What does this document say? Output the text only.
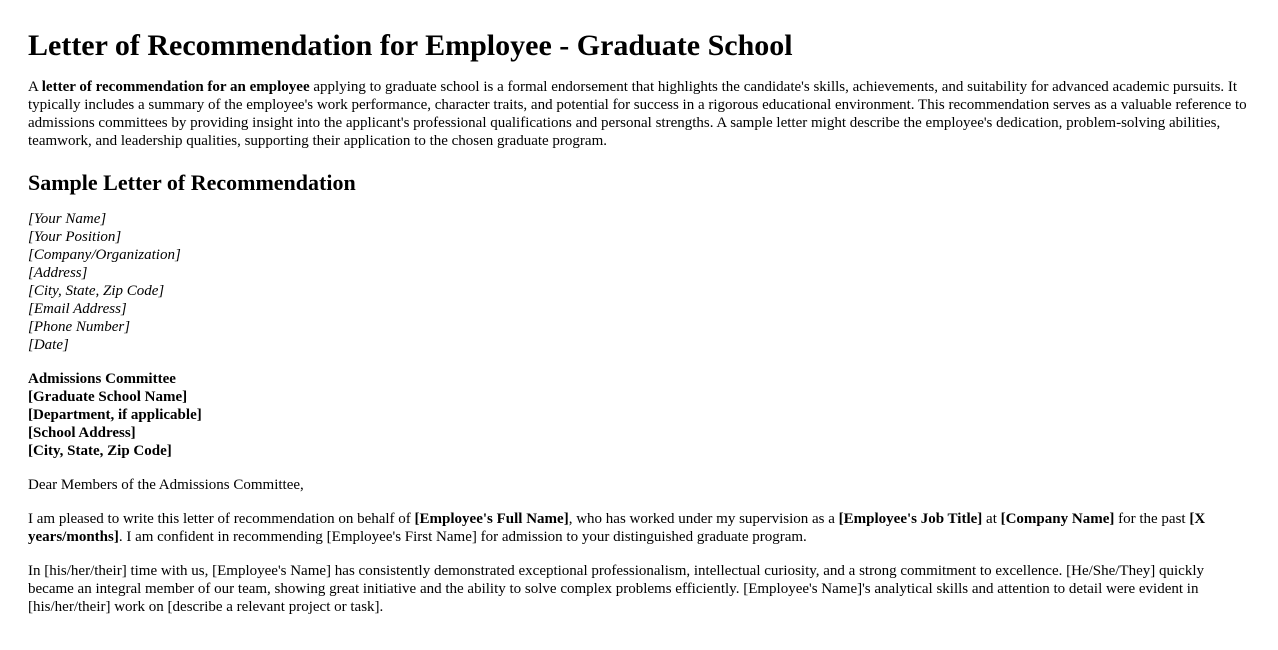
Letter of Recommendation for Employee - Graduate School

A letter of recommendation for an employee applying to graduate school is a formal endorsement that highlights the candidate's skills, achievements, and suitability for advanced academic pursuits. It typically includes a summary of the employee's work performance, character traits, and potential for success in a rigorous educational environment. This recommendation serves as a valuable reference to admissions committees by providing insight into the applicant's professional qualifications and personal strengths. A sample letter might describe the employee's dedication, problem-solving abilities, teamwork, and leadership qualities, supporting their application to the chosen graduate program.

Sample Letter of Recommendation
[Your Name]
[Your Position]
[Company/Organization]
[Address]
[City, State, Zip Code]
[Email Address]
[Phone Number]
[Date]
Admissions Committee
[Graduate School Name]
[Department, if applicable]
[School Address]
[City, State, Zip Code]

Dear Members of the Admissions Committee,

I am pleased to write this letter of recommendation on behalf of [Employee's Full Name], who has worked under my supervision as a [Employee's Job Title] at [Company Name] for the past [X years/months]. I am confident in recommending [Employee's First Name] for admission to your distinguished graduate program.

In [his/her/their] time with us, [Employee's Name] has consistently demonstrated exceptional professionalism, intellectual curiosity, and a strong commitment to excellence. [He/She/They] quickly became an integral member of our team, showing great initiative and the ability to solve complex problems efficiently. [Employee's Name]'s analytical skills and attention to detail were evident in [his/her/their] work on [describe a relevant project or task].
